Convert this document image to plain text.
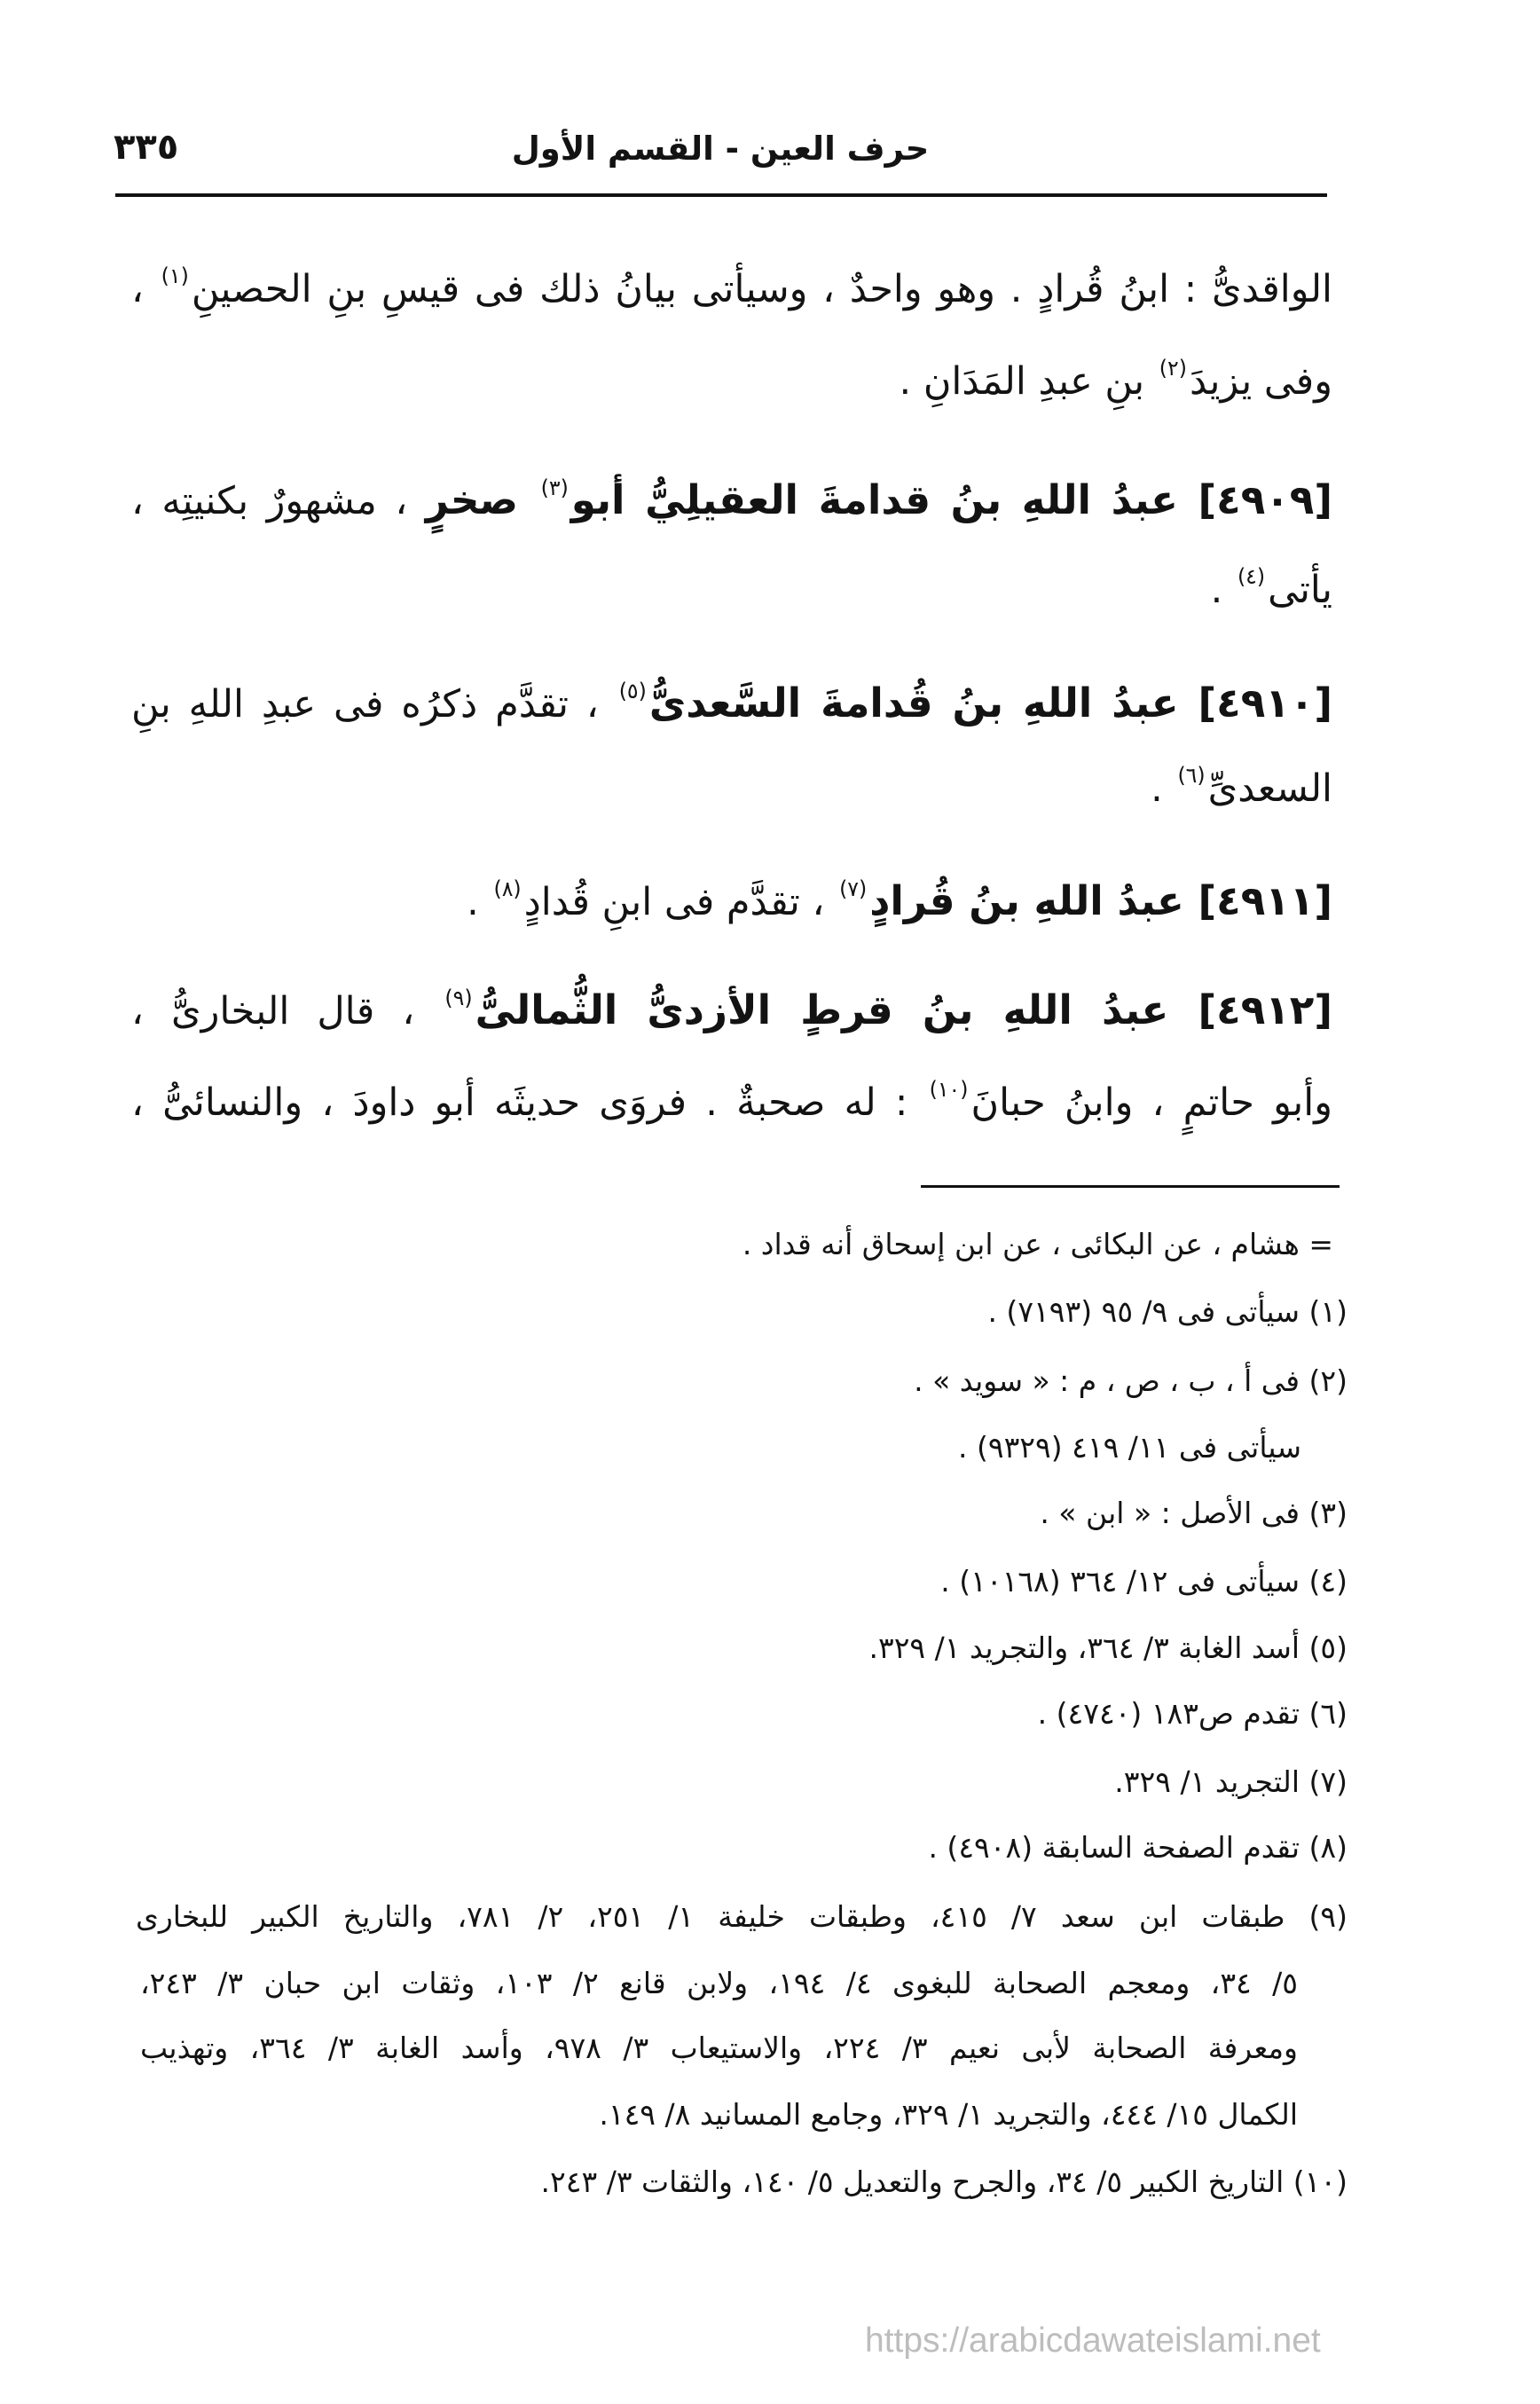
حرف العين - القسم الأول
٣٣٥
الواقدىُّ : ابنُ قُرادٍ . وهو واحدٌ ، وسيأتى بيانُ ذلك فى قيسِ بنِ الحصينِ$^{(١)}$ ،
وفى يزيدَ$^{(٢)}$ بنِ عبدِ المَدَانِ .
[٤٩٠٩] عبدُ اللهِ بنُ قدامةَ العقيلِيُّ أبو$^{(٣)}$ صخرٍ ، مشهورٌ بكنيتِه ،
يأتى$^{(٤)}$ .
[٤٩١٠] عبدُ اللهِ بنُ قُدامةَ السَّعدىُّ$^{(٥)}$ ، تقدَّم ذكرُه فى عبدِ اللهِ بنِ
السعدىِّ$^{(٦)}$ .
[٤٩١١] عبدُ اللهِ بنُ قُرادٍ$^{(٧)}$ ، تقدَّم فى ابنِ قُدادٍ$^{(٨)}$ .
[٤٩١٢] عبدُ اللهِ بنُ قرطٍ الأزدىُّ الثُّمالىُّ$^{(٩)}$ ، قال البخارىُّ ،
وأبو حاتمٍ ، وابنُ حبانَ$^{(١٠)}$ : له صحبةٌ . فروَى حديثَه أبو داودَ ، والنسائىُّ ،
= هشام ، عن البكائى ، عن ابن إسحاق أنه قداد .
(١) سيأتى فى ٩/ ٩٥ (٧١٩٣) .
(٢) فى أ ، ب ، ص ، م : « سويد » .
سيأتى فى ١١/ ٤١٩ (٩٣٢٩) .
(٣) فى الأصل : « ابن » .
(٤) سيأتى فى ١٢/ ٣٦٤ (١٠١٦٨) .
(٥) أسد الغابة ٣/ ٣٦٤، والتجريد ١/ ٣٢٩.
(٦) تقدم ص١٨٣ (٤٧٤٠) .
(٧) التجريد ١/ ٣٢٩.
(٨) تقدم الصفحة السابقة (٤٩٠٨) .
(٩) طبقات ابن سعد ٧/ ٤١٥، وطبقات خليفة ١/ ٢٥١، ٢/ ٧٨١، والتاريخ الكبير للبخارى
٥/ ٣٤، ومعجم الصحابة للبغوى ٤/ ١٩٤، ولابن قانع ٢/ ١٠٣، وثقات ابن حبان ٣/ ٢٤٣،
ومعرفة الصحابة لأبى نعيم ٣/ ٢٢٤، والاستيعاب ٣/ ٩٧٨، وأسد الغابة ٣/ ٣٦٤، وتهذيب
الكمال ١٥/ ٤٤٤، والتجريد ١/ ٣٢٩، وجامع المسانيد ٨/ ١٤٩.
(١٠) التاريخ الكبير ٥/ ٣٤، والجرح والتعديل ٥/ ١٤٠، والثقات ٣/ ٢٤٣.
https://arabicdawateislami.net
